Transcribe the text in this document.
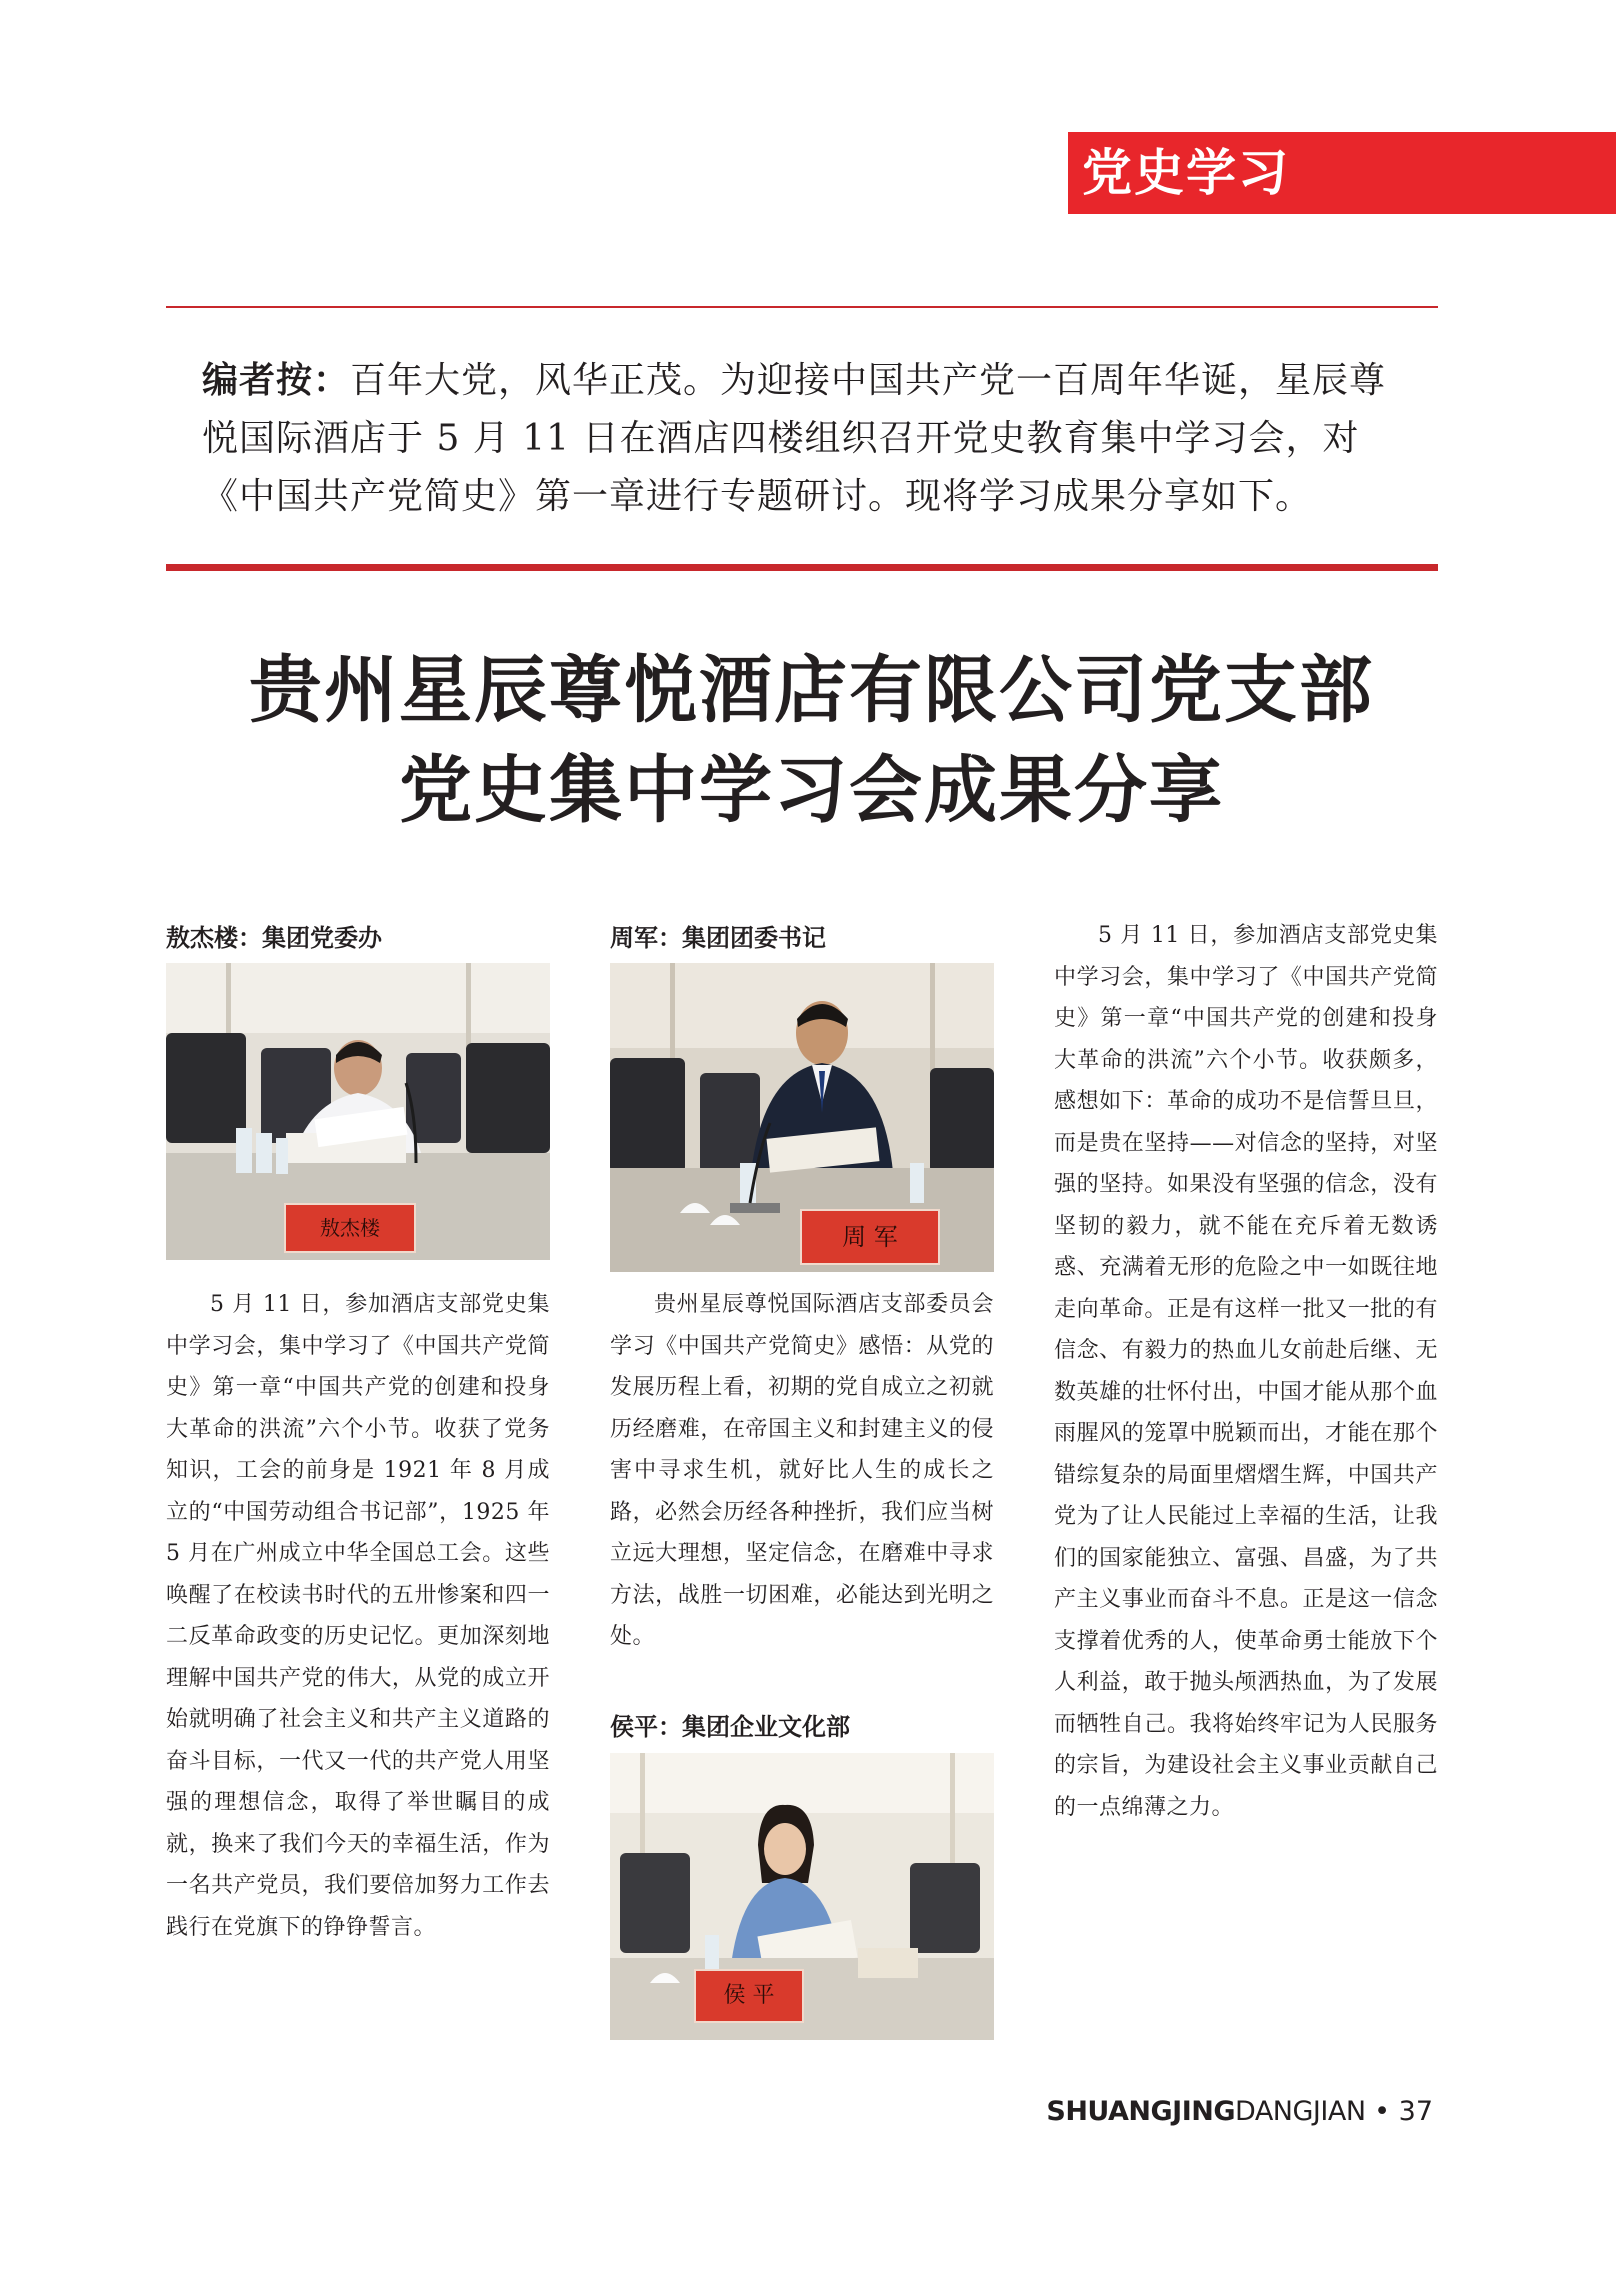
党史学习
编者按：百年大党，风华正茂。为迎接中国共产党一百周年华诞，星辰尊悦国际酒店于 5 月 11 日在酒店四楼组织召开党史教育集中学习会，对《中国共产党简史》第一章进行专题研讨。现将学习成果分享如下。
贵州星辰尊悦酒店有限公司党支部
党史集中学习会成果分享
敖杰楼：集团党委办
敖杰楼

5 月 11 日，参加酒店支部党史集中学习会，集中学习了《中国共产党简史》第一章“中国共产党的创建和投身大革命的洪流”六个小节。收获了党务知识，工会的前身是 1921 年 8 月成立的“中国劳动组合书记部”，1925 年 5 月在广州成立中华全国总工会。这些唤醒了在校读书时代的五卅惨案和四一二反革命政变的历史记忆。更加深刻地理解中国共产党的伟大，从党的成立开始就明确了社会主义和共产主义道路的奋斗目标，一代又一代的共产党人用坚强的理想信念，取得了举世瞩目的成就，换来了我们今天的幸福生活，作为一名共产党员，我们要倍加努力工作去践行在党旗下的铮铮誓言。

周军：集团团委书记
周 军

贵州星辰尊悦国际酒店支部委员会学习《中国共产党简史》感悟：从党的发展历程上看，初期的党自成立之初就历经磨难，在帝国主义和封建主义的侵害中寻求生机，就好比人生的成长之路，必然会历经各种挫折，我们应当树立远大理想，坚定信念，在磨难中寻求方法，战胜一切困难，必能达到光明之处。

侯平：集团企业文化部
侯 平

5 月 11 日，参加酒店支部党史集中学习会，集中学习了《中国共产党简史》第一章“中国共产党的创建和投身大革命的洪流”六个小节。收获颇多，感想如下：革命的成功不是信誓旦旦，而是贵在坚持——对信念的坚持，对坚强的坚持。如果没有坚强的信念，没有坚韧的毅力，就不能在充斥着无数诱惑、充满着无形的危险之中一如既往地走向革命。正是有这样一批又一批的有信念、有毅力的热血儿女前赴后继、无数英雄的壮怀付出，中国才能从那个血雨腥风的笼罩中脱颖而出，才能在那个错综复杂的局面里熠熠生辉，中国共产党为了让人民能过上幸福的生活，让我们的国家能独立、富强、昌盛，为了共产主义事业而奋斗不息。正是这一信念支撑着优秀的人，使革命勇士能放下个人利益，敢于抛头颅洒热血，为了发展而牺牲自己。我将始终牢记为人民服务的宗旨，为建设社会主义事业贡献自己的一点绵薄之力。

SHUANGJINGDANGJIAN • 37
